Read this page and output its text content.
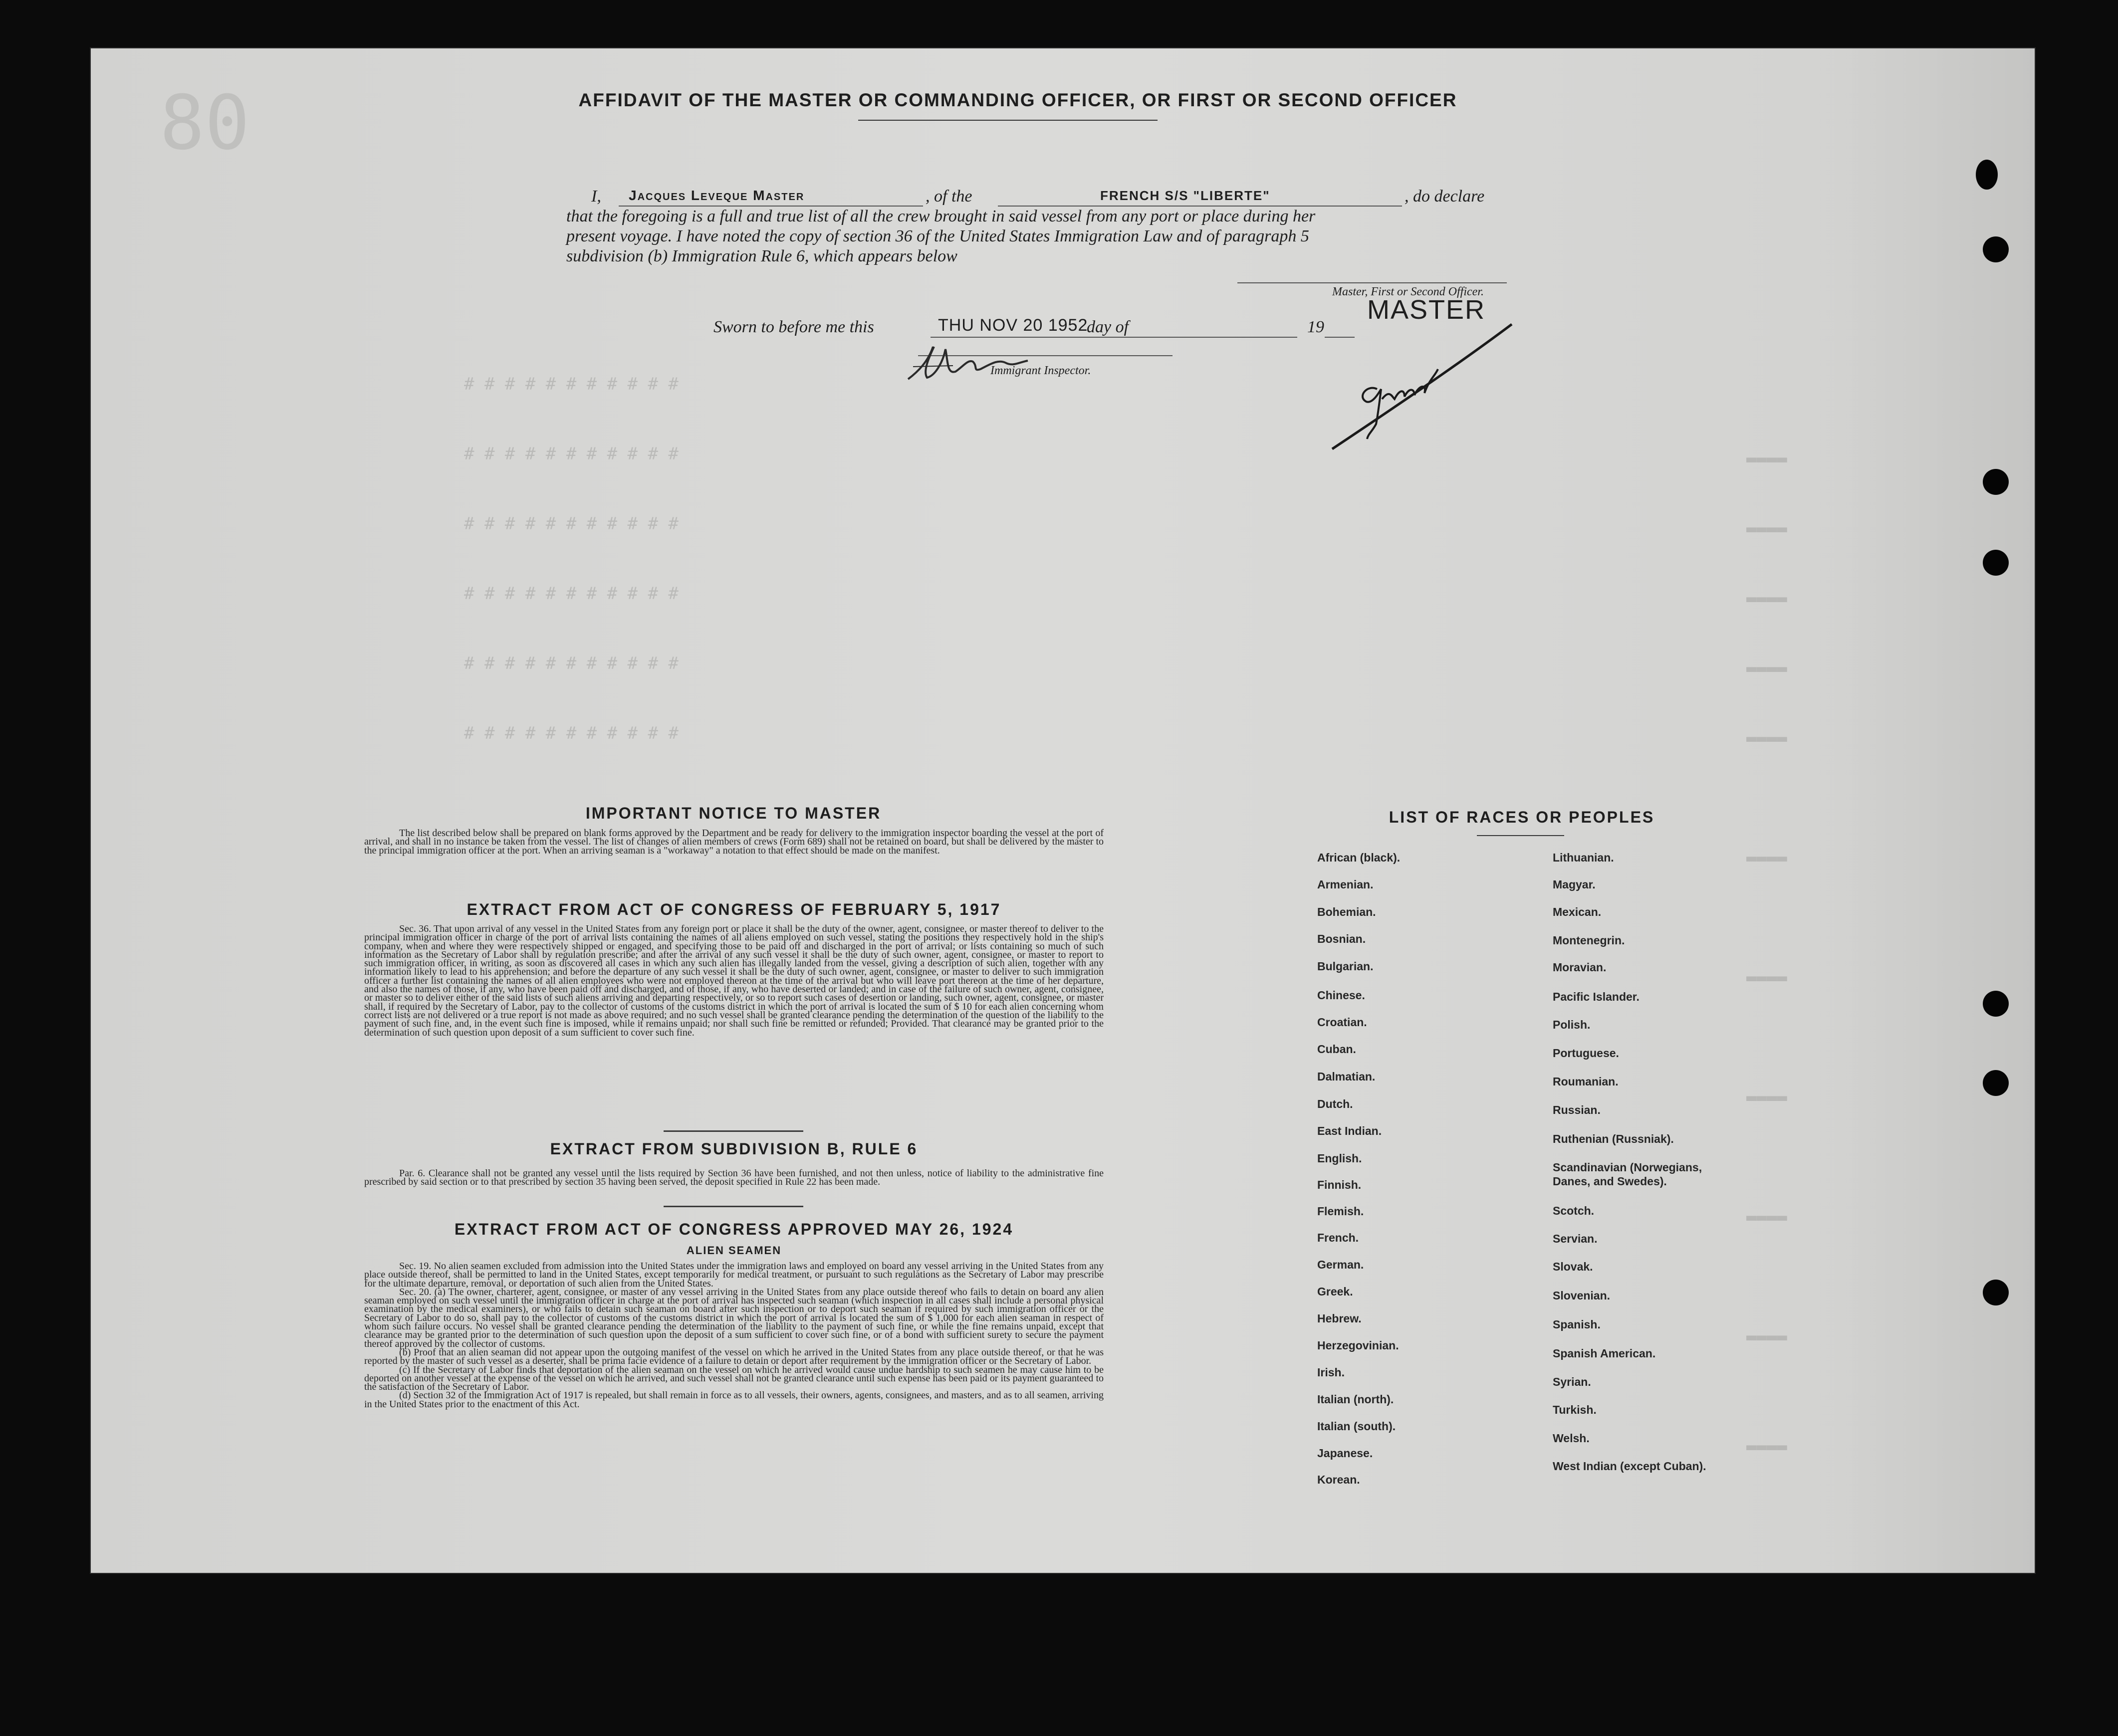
# # # # # # # # # # #
# # # # # # # # # # #
# # # # # # # # # # #
# # # # # # # # # # #
# # # # # # # # # # #
# # # # # # # # # # #
▬▬▬▬
▬▬▬▬
▬▬▬▬
▬▬▬▬
▬▬▬▬
▬▬▬▬
▬▬▬▬
▬▬▬▬
▬▬▬▬
▬▬▬▬
▬▬▬▬
80	AFFIDAVIT OF THE MASTER OR COMMANDING OFFICER, OR FIRST OR SECOND OFFICER
I, Jacques Leveque Master	, of the	FRENCH S/S "LIBERTE"	, do declare
that the foregoing is a full and true list of all the crew brought in said vessel from any port or place during her
present voyage. I have noted the copy of section 36 of the United States Immigration Law and of paragraph 5
subdivision (b) Immigration Rule 6, which appears below
Master, First or Second Officer.
MASTER
Sworn to before me this	THU NOV 20 1952
day of	19
Immigrant Inspector.
IMPORTANT NOTICE TO MASTER

The list described below shall be prepared on blank forms approved by the Department and be ready for delivery to the immigration inspector boarding the vessel at the port of arrival, and shall in no instance be taken from the vessel. The list of changes of alien members of crews (Form 689) shall not be retained on board, but shall be delivered by the master to the principal immigration officer at the port. When an arriving seaman is a "workaway" a notation to that effect should be made on the manifest.

EXTRACT FROM ACT OF CONGRESS OF FEBRUARY 5, 1917

Sec. 36. That upon arrival of any vessel in the United States from any foreign port or place it shall be the duty of the owner, agent, consignee, or master thereof to deliver to the principal immigration officer in charge of the port of arrival lists containing the names of all aliens employed on such vessel, stating the positions they respectively hold in the ship's company, when and where they were respectively shipped or engaged, and specifying those to be paid off and discharged in the port of arrival; or lists containing so much of such information as the Secretary of Labor shall by regulation prescribe; and after the arrival of any such vessel it shall be the duty of such owner, agent, consignee, or master to report to such immigration officer, in writing, as soon as discovered all cases in which any such alien has illegally landed from the vessel, giving a description of such alien, together with any information likely to lead to his apprehension; and before the departure of any such vessel it shall be the duty of such owner, agent, consignee, or master to deliver to such immigration officer a further list containing the names of all alien employees who were not employed thereon at the time of the arrival but who will leave port thereon at the time of her departure, and also the names of those, if any, who have been paid off and discharged, and of those, if any, who have deserted or landed; and in case of the failure of such owner, agent, consignee, or master so to deliver either of the said lists of such aliens arriving and departing respectively, or so to report such cases of desertion or landing, such owner, agent, consignee, or master shall, if required by the Secretary of Labor, pay to the collector of customs of the customs district in which the port of arrival is located the sum of $ 10 for each alien concerning whom correct lists are not delivered or a true report is not made as above required; and no such vessel shall be granted clearance pending the determination of the question of the liability to the payment of such fine, and, in the event such fine is imposed, while it remains unpaid; nor shall such fine be remitted or refunded; Provided. That clearance may be granted prior to the determination of such question upon deposit of a sum sufficient to cover such fine.

EXTRACT FROM SUBDIVISION B, RULE 6

Par. 6. Clearance shall not be granted any vessel until the lists required by Section 36 have been furnished, and not then unless, notice of liability to the administrative fine prescribed by said section or to that prescribed by section 35 having been served, the deposit specified in Rule 22 has been made.

EXTRACT FROM ACT OF CONGRESS APPROVED MAY 26, 1924
ALIEN SEAMEN

Sec. 19. No alien seamen excluded from admission into the United States under the immigration laws and employed on board any vessel arriving in the United States from any place outside thereof, shall be permitted to land in the United States, except temporarily for medical treatment, or pursuant to such regulations as the Secretary of Labor may prescribe for the ultimate departure, removal, or deportation of such alien from the United States.

Sec. 20. (a) The owner, charterer, agent, consignee, or master of any vessel arriving in the United States from any place outside thereof who fails to detain on board any alien seaman employed on such vessel until the immigration officer in charge at the port of arrival has inspected such seaman (which inspection in all cases shall include a personal physical examination by the medical examiners), or who fails to detain such seaman on board after such inspection or to deport such seaman if required by such immigration officer or the Secretary of Labor to do so, shall pay to the collector of customs of the customs district in which the port of arrival is located the sum of $ 1,000 for each alien seaman in respect of whom such failure occurs. No vessel shall be granted clearance pending the determination of the liability to the payment of such fine, or while the fine remains unpaid, except that clearance may be granted prior to the determination of such question upon the deposit of a sum sufficient to cover such fine, or of a bond with sufficient surety to secure the payment thereof approved by the collector of customs.

(b) Proof that an alien seaman did not appear upon the outgoing manifest of the vessel on which he arrived in the United States from any place outside thereof, or that he was reported by the master of such vessel as a deserter, shall be prima facie evidence of a failure to detain or deport after requirement by the immigration officer or the Secretary of Labor.

(c) If the Secretary of Labor finds that deportation of the alien seaman on the vessel on which he arrived would cause undue hardship to such seamen he may cause him to be deported on another vessel at the expense of the vessel on which he arrived, and such vessel shall not be granted clearance until such expense has been paid or its payment guaranteed to the satisfaction of the Secretary of Labor.

(d) Section 32 of the Immigration Act of 1917 is repealed, but shall remain in force as to all vessels, their owners, agents, consignees, and masters, and as to all seamen, arriving in the United States prior to the enactment of this Act.

LIST OF RACES OR PEOPLES
African (black).
Armenian.
Bohemian.
Bosnian.
Bulgarian.
Chinese.
Croatian.
Cuban.
Dalmatian.
Dutch.
East Indian.
English.
Finnish.
Flemish.
French.
German.
Greek.
Hebrew.
Herzegovinian.
Irish.
Italian (north).
Italian (south).
Japanese.
Korean.
Lithuanian.
Magyar.
Mexican.
Montenegrin.
Moravian.
Pacific Islander.
Polish.
Portuguese.
Roumanian.
Russian.
Ruthenian (Russniak).
Scandinavian (Norwegians, Danes, and Swedes).
Scotch.
Servian.
Slovak.
Slovenian.
Spanish.
Spanish American.
Syrian.
Turkish.
Welsh.
West Indian (except Cuban).
